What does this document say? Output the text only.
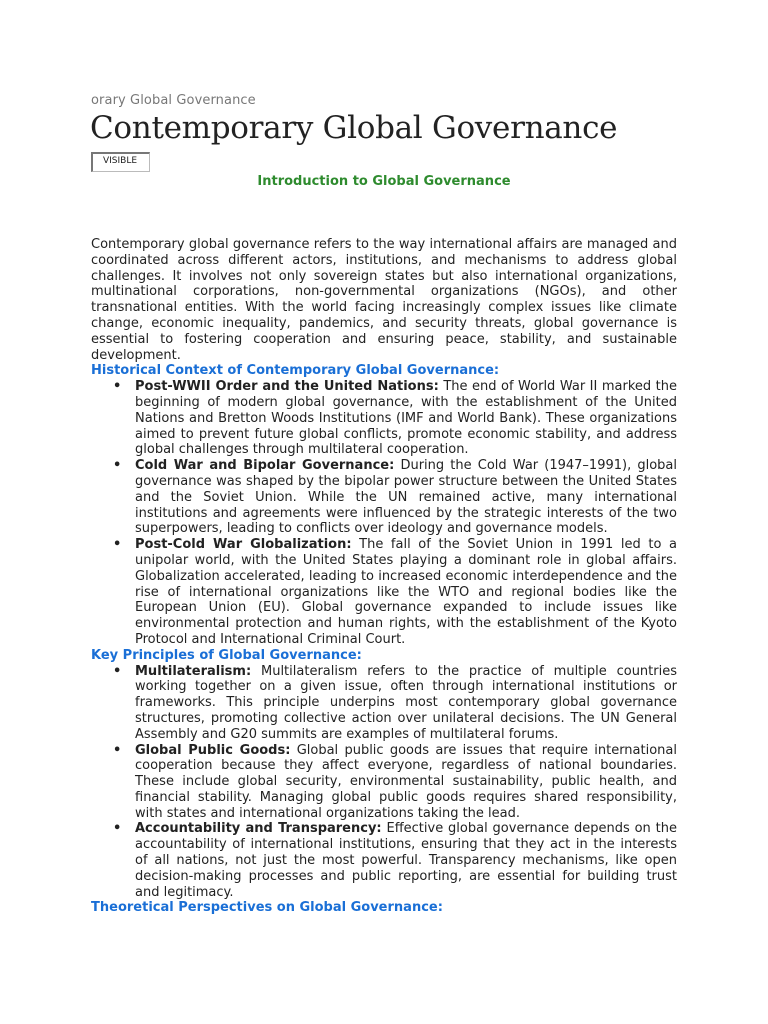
orary Global Governance
Contemporary Global Governance
VISIBLE
Introduction to Global Governance

Contemporary global governance refers to the way international affairs are managed and coordinated across different actors, institutions, and mechanisms to address global challenges. It involves not only sovereign states but also international organizations, multinational corporations, non-governmental organizations (NGOs), and other transnational entities. With the world facing increasingly complex issues like climate change, economic inequality, pandemics, and security threats, global governance is essential to fostering cooperation and ensuring peace, stability, and sustainable development.

Historical Context of Contemporary Global Governance:
• Post-WWII Order and the United Nations: The end of World War II marked the beginning of modern global governance, with the establishment of the United Nations and Bretton Woods Institutions (IMF and World Bank). These organizations aimed to prevent future global conflicts, promote economic stability, and address global challenges through multilateral cooperation.
• Cold War and Bipolar Governance: During the Cold War (1947–1991), global governance was shaped by the bipolar power structure between the United States and the Soviet Union. While the UN remained active, many international institutions and agreements were influenced by the strategic interests of the two superpowers, leading to conflicts over ideology and governance models.
• Post-Cold War Globalization: The fall of the Soviet Union in 1991 led to a unipolar world, with the United States playing a dominant role in global affairs. Globalization accelerated, leading to increased economic interdependence and the rise of international organizations like the WTO and regional bodies like the European Union (EU). Global governance expanded to include issues like environmental protection and human rights, with the establishment of the Kyoto Protocol and International Criminal Court.
Key Principles of Global Governance:
• Multilateralism: Multilateralism refers to the practice of multiple countries working together on a given issue, often through international institutions or frameworks. This principle underpins most contemporary global governance structures, promoting collective action over unilateral decisions. The UN General Assembly and G20 summits are examples of multilateral forums.
• Global Public Goods: Global public goods are issues that require international cooperation because they affect everyone, regardless of national boundaries. These include global security, environmental sustainability, public health, and financial stability. Managing global public goods requires shared responsibility, with states and international organizations taking the lead.
• Accountability and Transparency: Effective global governance depends on the accountability of international institutions, ensuring that they act in the interests of all nations, not just the most powerful. Transparency mechanisms, like open decision-making processes and public reporting, are essential for building trust and legitimacy.
Theoretical Perspectives on Global Governance:
